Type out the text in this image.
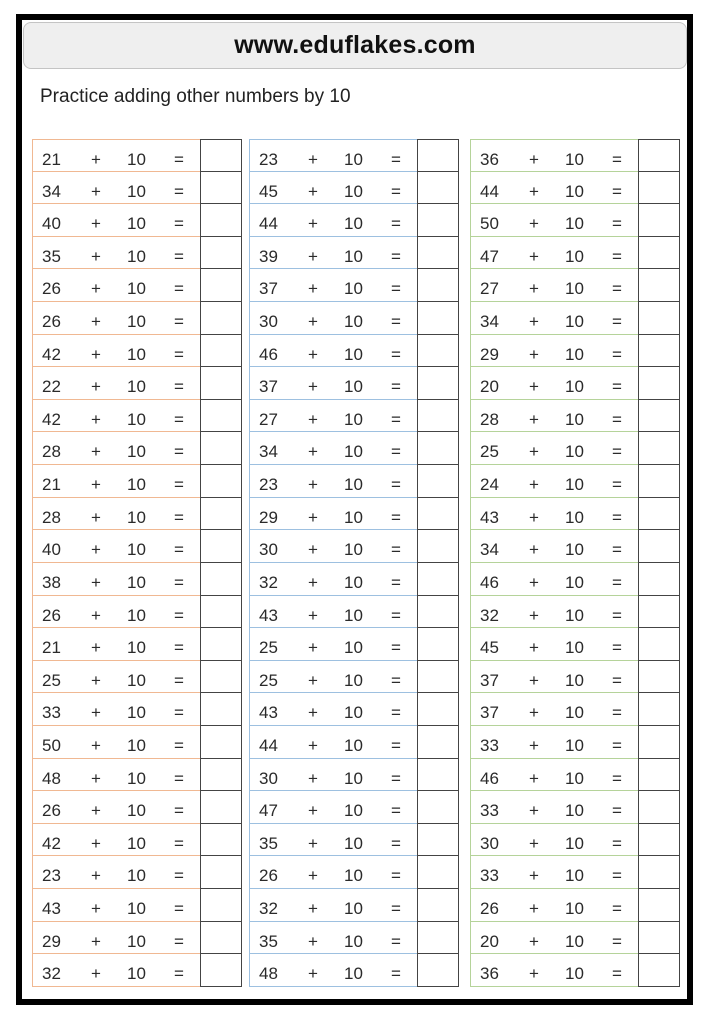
www.eduflakes.com
Practice adding other numbers by 10
21 + 10 =
34 + 10 =
40 + 10 =
35 + 10 =
26 + 10 =
26 + 10 =
42 + 10 =
22 + 10 =
42 + 10 =
28 + 10 =
21 + 10 =
28 + 10 =
40 + 10 =
38 + 10 =
26 + 10 =
21 + 10 =
25 + 10 =
33 + 10 =
50 + 10 =
48 + 10 =
26 + 10 =
42 + 10 =
23 + 10 =
43 + 10 =
29 + 10 =
32 + 10 =
23 + 10 =
45 + 10 =
44 + 10 =
39 + 10 =
37 + 10 =
30 + 10 =
46 + 10 =
37 + 10 =
27 + 10 =
34 + 10 =
23 + 10 =
29 + 10 =
30 + 10 =
32 + 10 =
43 + 10 =
25 + 10 =
25 + 10 =
43 + 10 =
44 + 10 =
30 + 10 =
47 + 10 =
35 + 10 =
26 + 10 =
32 + 10 =
35 + 10 =
48 + 10 =
36 + 10 =
44 + 10 =
50 + 10 =
47 + 10 =
27 + 10 =
34 + 10 =
29 + 10 =
20 + 10 =
28 + 10 =
25 + 10 =
24 + 10 =
43 + 10 =
34 + 10 =
46 + 10 =
32 + 10 =
45 + 10 =
37 + 10 =
37 + 10 =
33 + 10 =
46 + 10 =
33 + 10 =
30 + 10 =
33 + 10 =
26 + 10 =
20 + 10 =
36 + 10 =
